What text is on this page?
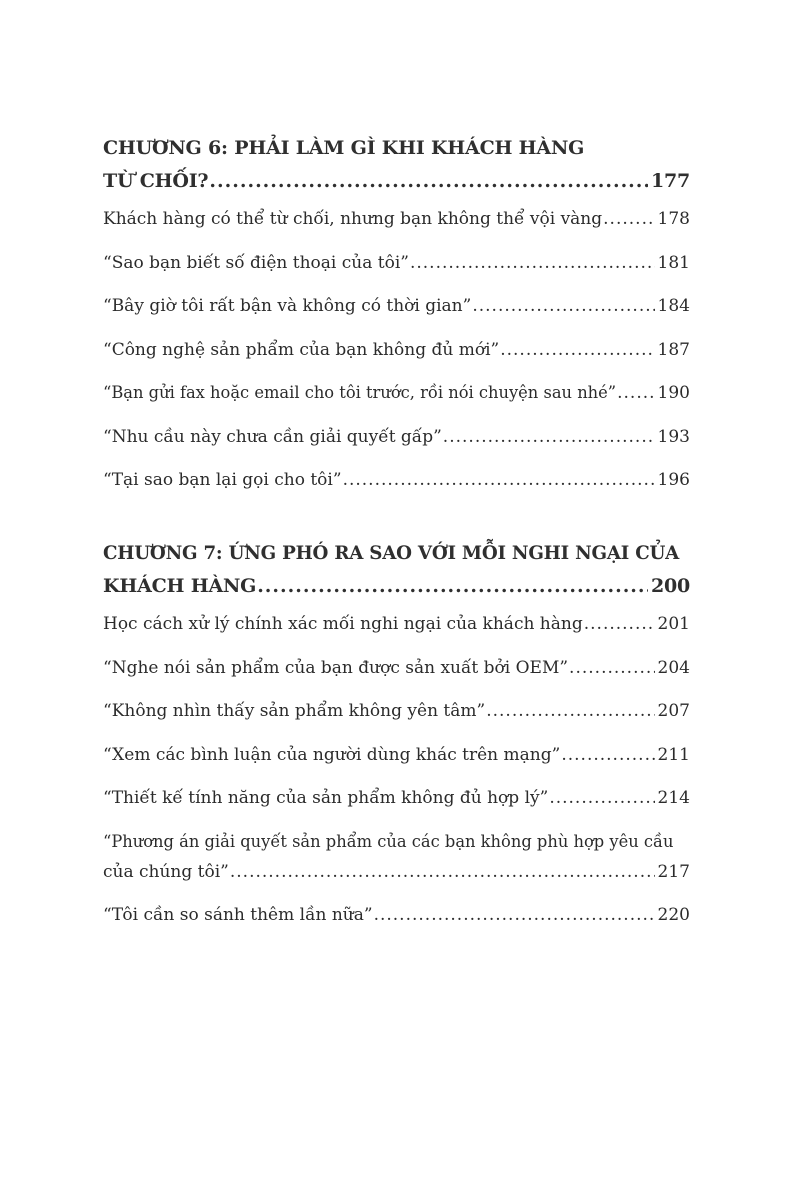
CHƯƠNG 6: PHẢI LÀM GÌ KHI KHÁCH HÀNG
TỪ CHỐI? .....	177
Khách hàng có thể từ chối, nhưng bạn không thể vội vàng .....	178
“Sao bạn biết số điện thoại của tôi” .....	181
“Bây giờ tôi rất bận và không có thời gian” .....	184
“Công nghệ sản phẩm của bạn không đủ mới” .....	187
“Bạn gửi fax hoặc email cho tôi trước, rồi nói chuyện sau nhé” ..... 190
“Nhu cầu này chưa cần giải quyết gấp” .....	193
“Tại sao bạn lại gọi cho tôi” .....	196
CHƯƠNG 7: ỨNG PHÓ RA SAO VỚI MỖI NGHI NGẠI CỦA
KHÁCH HÀNG .....	200
Học cách xử lý chính xác mối nghi ngại của khách hàng .....	201
“Nghe nói sản phẩm của bạn được sản xuất bởi OEM” .....	204
“Không nhìn thấy sản phẩm không yên tâm” .....	207
“Xem các bình luận của người dùng khác trên mạng” .....	211
“Thiết kế tính năng của sản phẩm không đủ hợp lý” .....	214
“Phương án giải quyết sản phẩm của các bạn không phù hợp yêu cầu
của chúng tôi” .....	217
“Tôi cần so sánh thêm lần nữa” .....	220
